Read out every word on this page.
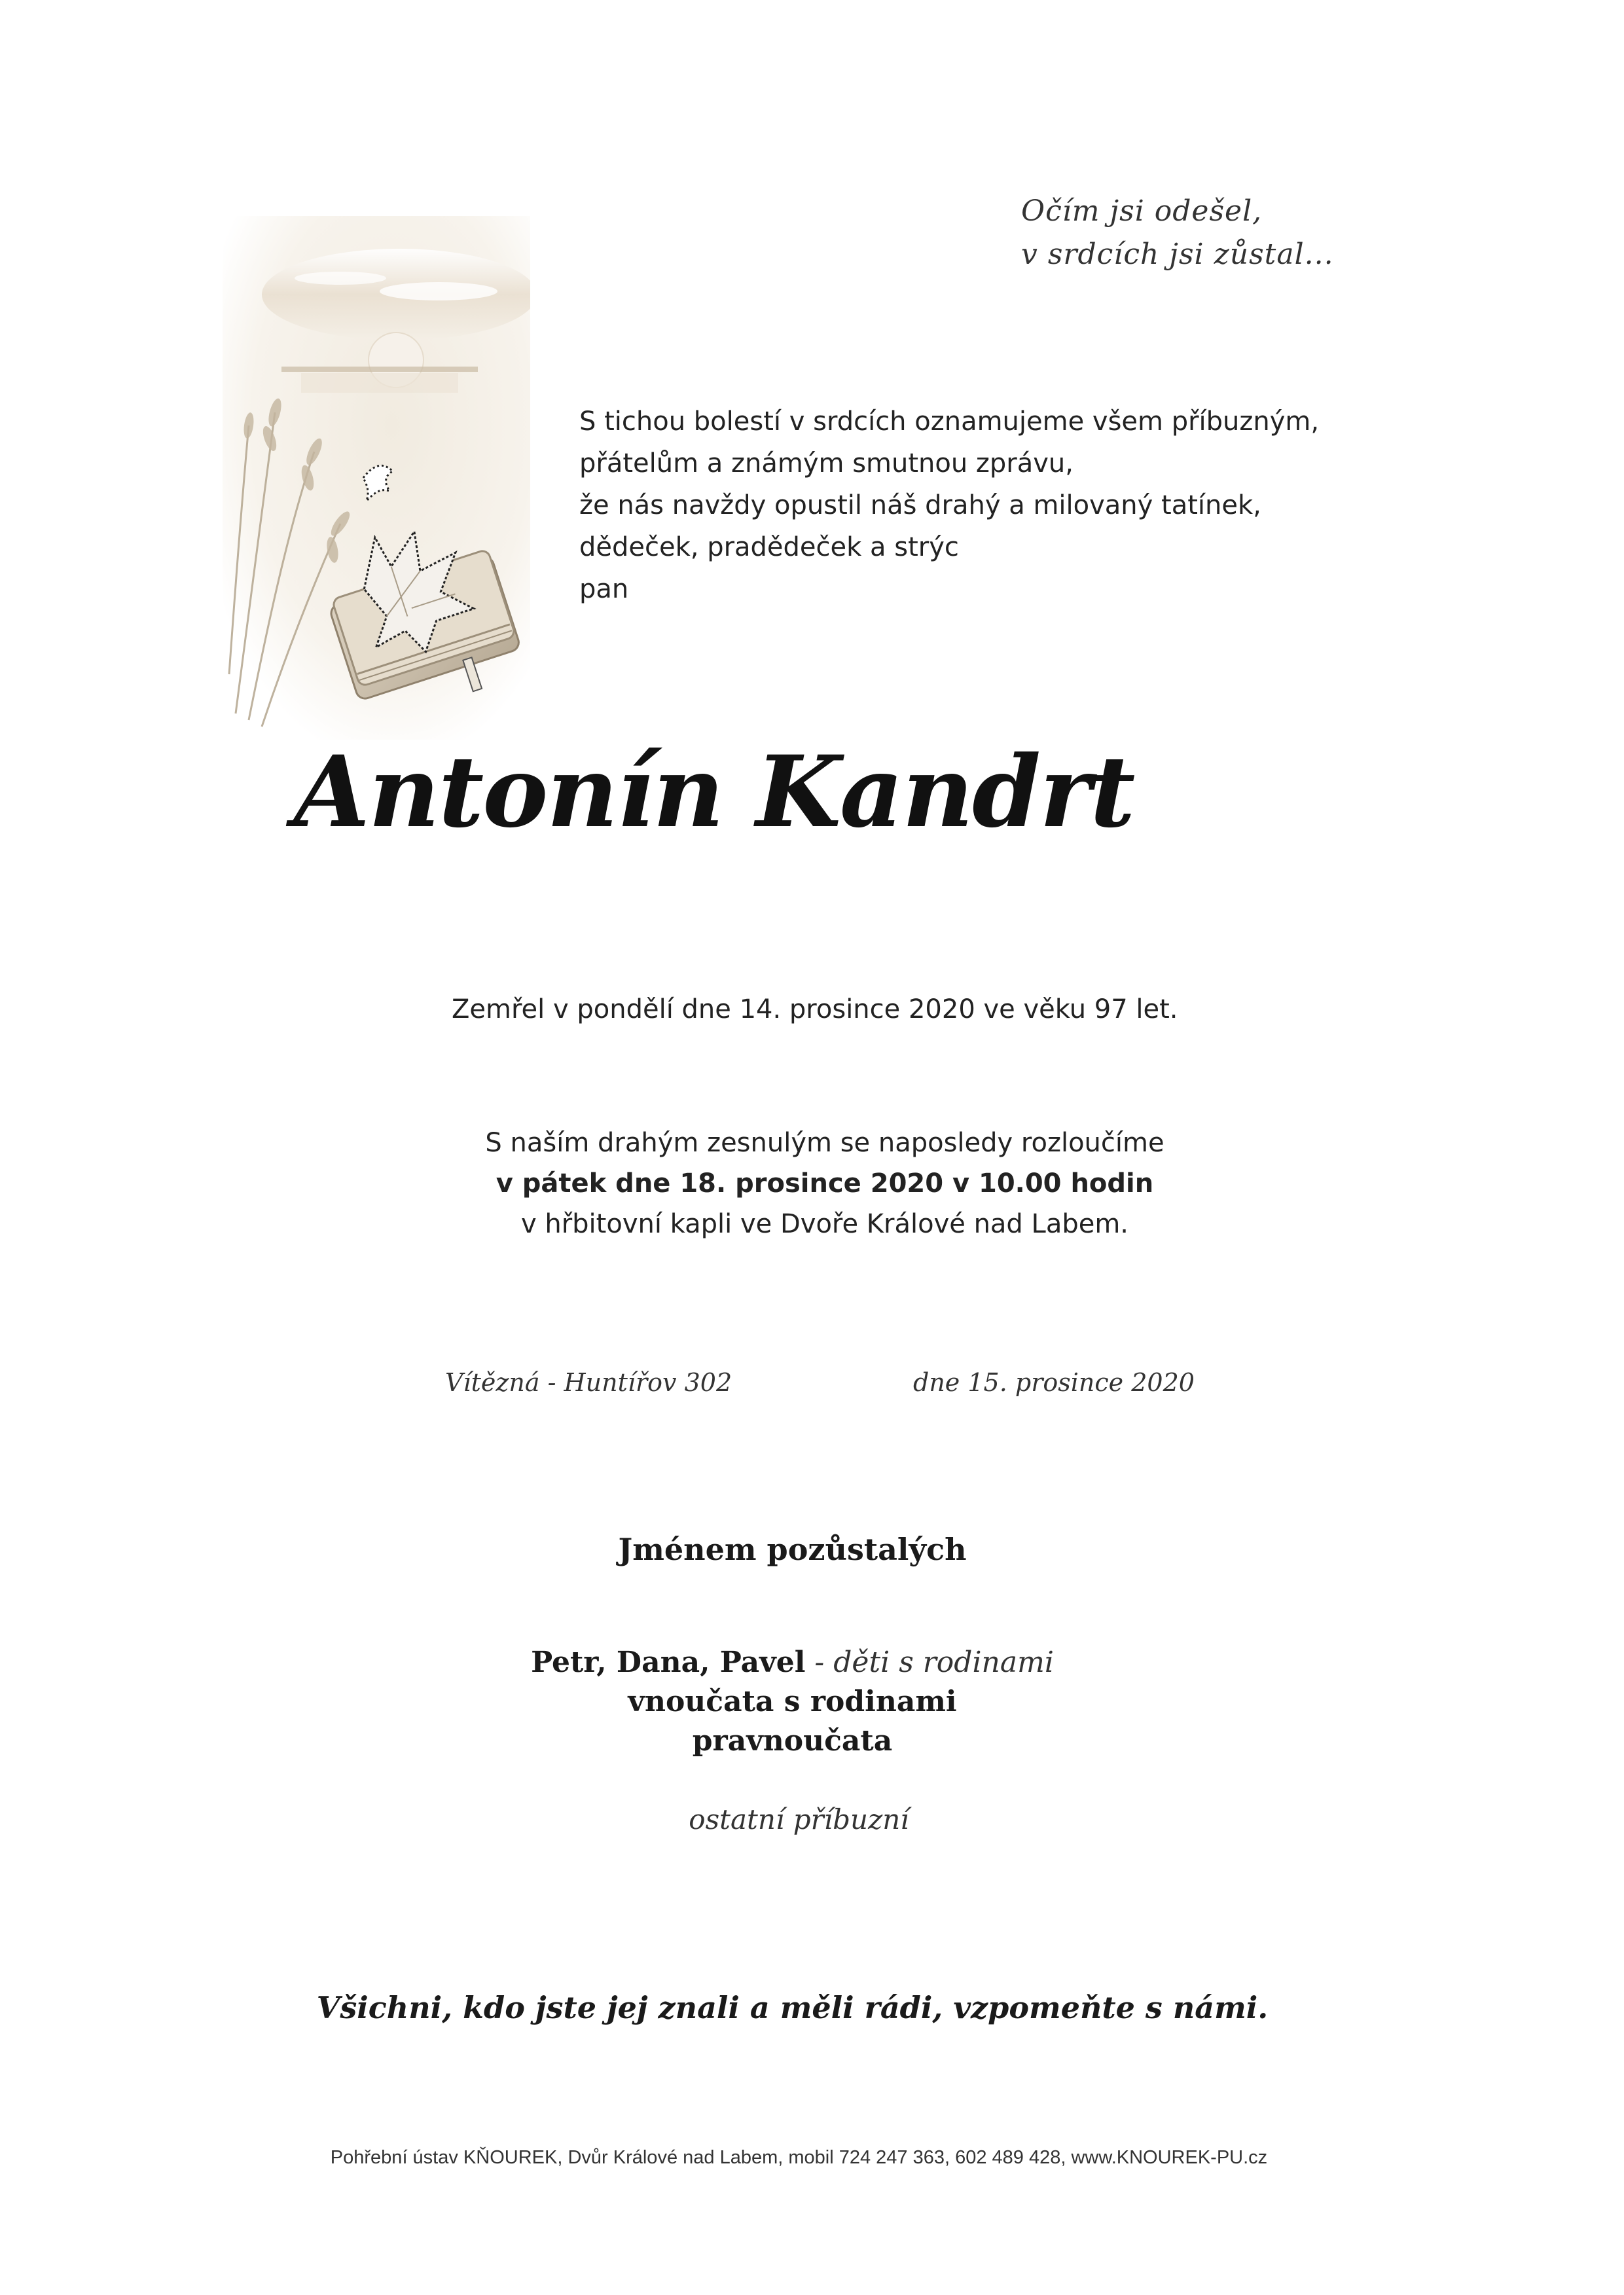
Očím jsi odešel,
v srdcích jsi zůstal...
S tichou bolestí v srdcích oznamujeme všem příbuzným,
přátelům a známým smutnou zprávu,
že nás navždy opustil náš drahý a milovaný tatínek,
dědeček, pradědeček a strýc
pan
Antonín Kandrt
Zemřel v pondělí dne 14. prosince 2020 ve věku 97 let.
S naším drahým zesnulým se naposledy rozloučíme
v pátek dne 18. prosince 2020 v 10.00 hodin
v hřbitovní kapli ve Dvoře Králové nad Labem.
Vítězná - Huntířov 302	dne 15. prosince 2020
Jménem pozůstalých
Petr, Dana, Pavel - děti s rodinami
vnoučata s rodinami
pravnoučata
ostatní příbuzní
Všichni, kdo jste jej znali a měli rádi, vzpomeňte s námi.
Pohřební ústav KŇOUREK, Dvůr Králové nad Labem, mobil 724 247 363, 602 489 428, www.KNOUREK-PU.cz
